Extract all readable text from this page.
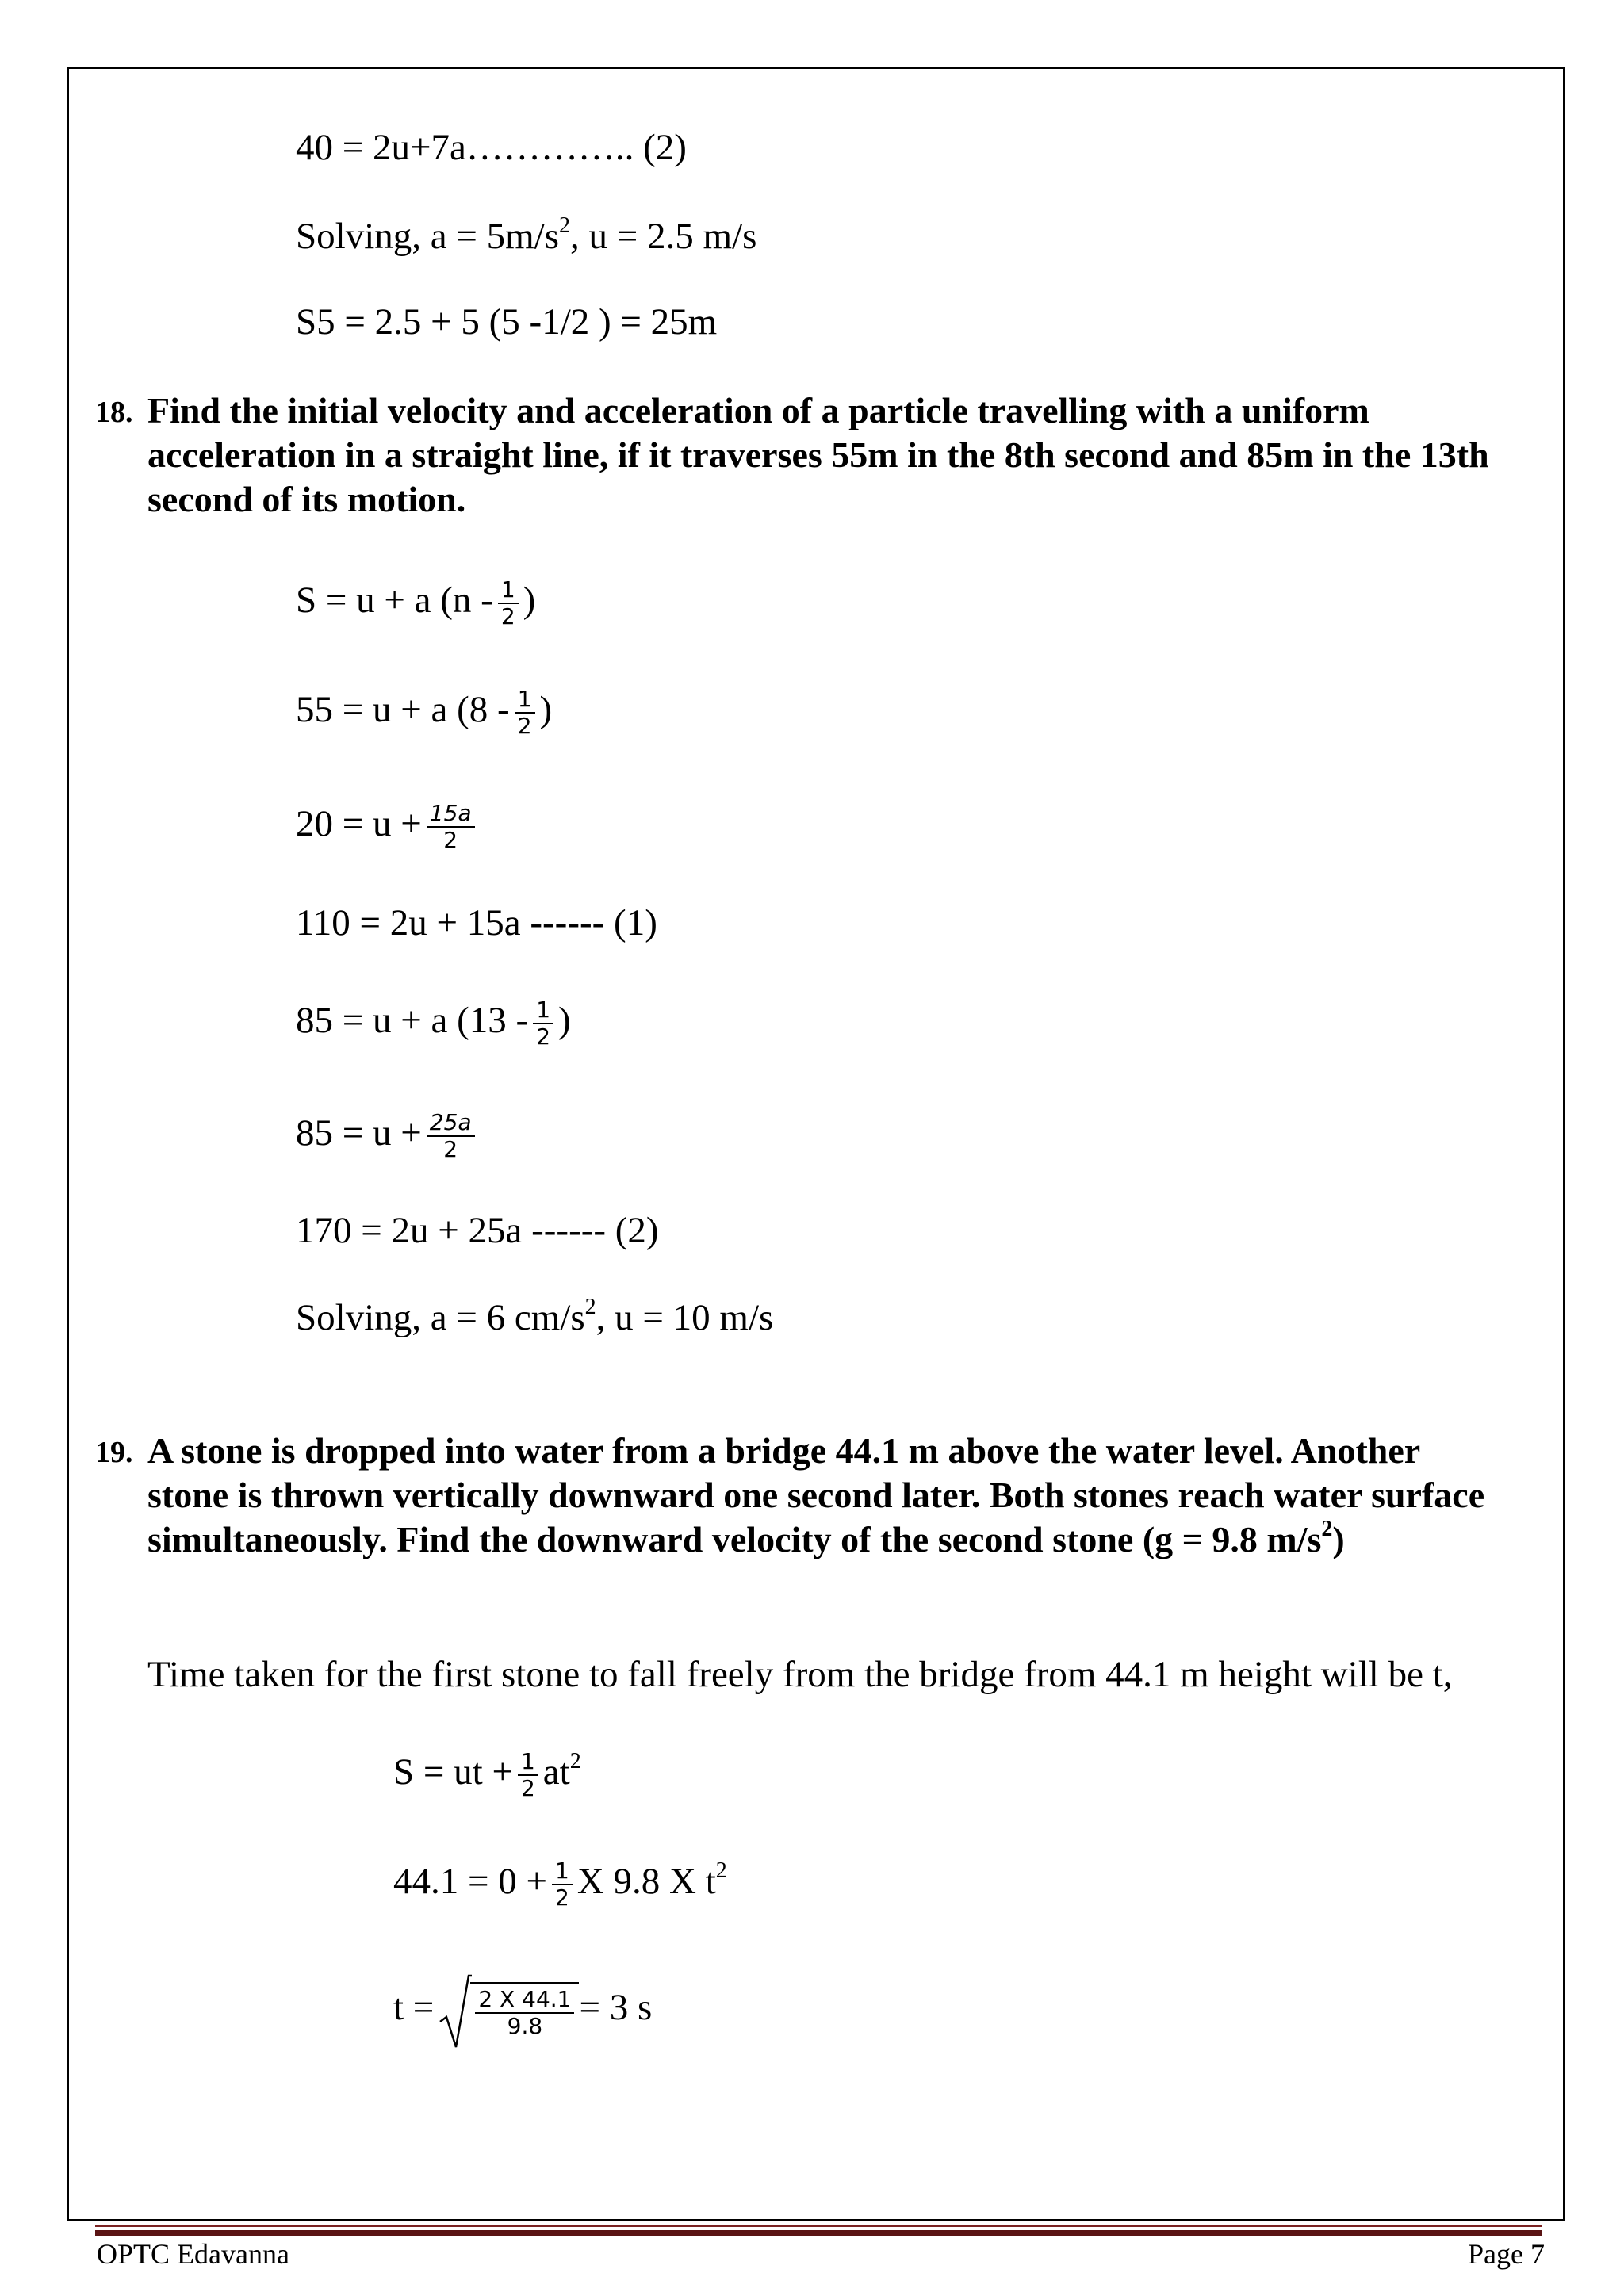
40 = 2u+7a………….. (2)
Solving, $a = 5m/s^2$, u = 2.5 m/s
S5 = 2.5 + 5 (5 -1/2 ) = 25m
18. Find the initial velocity and acceleration of a particle travelling with a uniform acceleration in a straight line, if it traverses 55m in the 8th second and 85m in the 13th second of its motion.
S = u + a ($n - \frac{1}{2}$ )
55 = u + a ($8 - \frac{1}{2}$ )
$20 = u + \frac{15a}{2}$
110 = 2u + 15a ------ (1)
85 = u + a ($13 - \frac{1}{2}$ )
$85 = u + \frac{25a}{2}$
170 = 2u + 25a ------ (2)
Solving, a = 6 $cm/s^2$, u = 10 m/s
19. A stone is dropped into water from a bridge 44.1 m above the water level. Another stone is thrown vertically downward one second later. Both stones reach water surface simultaneously. Find the downward velocity of the second stone (g = 9.8 $m/s^2$)
Time taken for the first stone to fall freely from the bridge from 44.1 m height will be t,
S = ut + $\frac{1}{2} at^2$
$44.1 = 0 + \frac{1}{2}$ X 9.8 X $t^2$
$t = \frac{2 X 44.1}{9.8} = 3$ s
OPTC Edavanna	Page 7
